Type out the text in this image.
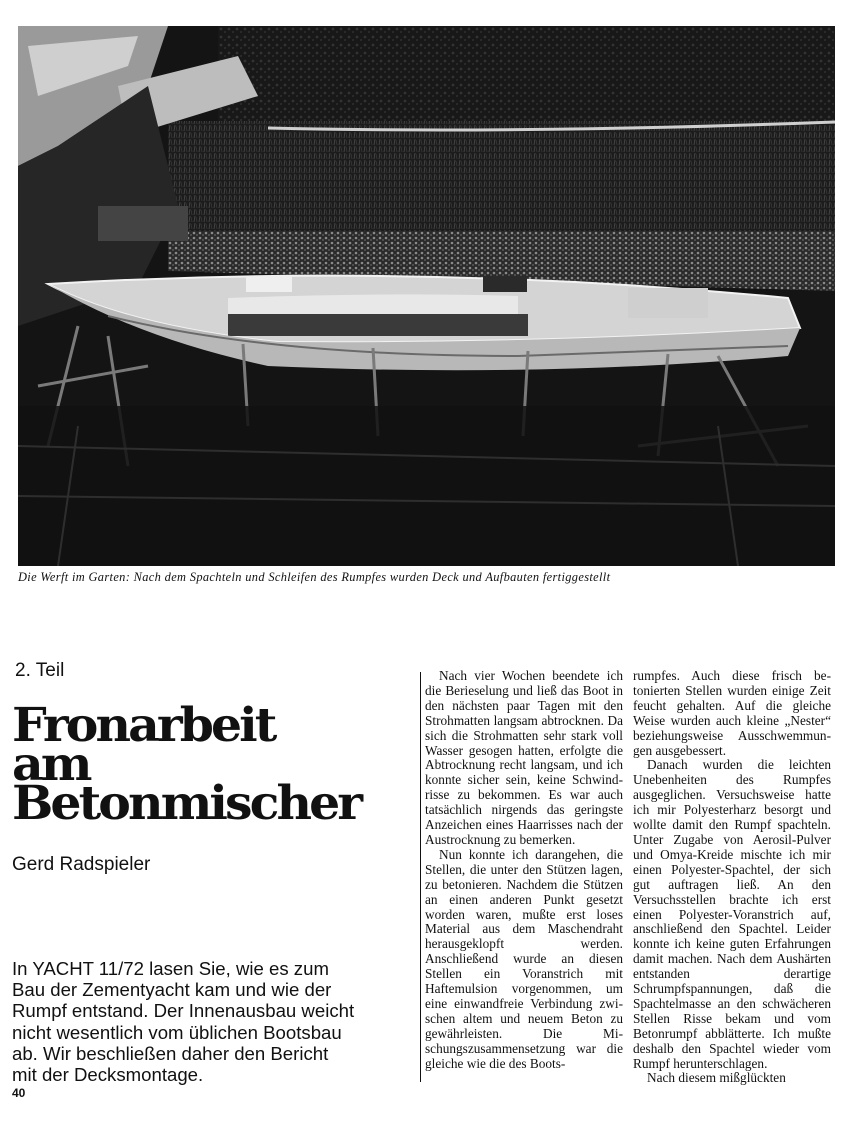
Die Werft im Garten: Nach dem Spachteln und Schleifen des Rumpfes wurden Deck und Aufbauten fertiggestellt
2. Teil
Fronarbeit
am
Betonmischer
Gerd Radspieler

In YACHT 11/72 lasen Sie, wie es zum
Bau der Zementyacht kam und wie der
Rumpf entstand. Der Innenausbau weicht
nicht wesentlich vom üblichen Bootsbau
ab. Wir beschließen daher den Bericht
mit der Decksmontage.

Nach vier Wochen beendete ich die Berieselung und ließ das Boot in den nächsten paar Tagen mit den Strohmatten langsam abtrocknen. Da sich die Strohmatten sehr stark voll Wasser gesogen hatten, erfolgte die Abtrocknung recht langsam, und ich konnte sicher sein, keine Schwindrisse zu bekommen. Es war auch tatsächlich nirgends das geringste Anzeichen eines Haarrisses nach der Austrocknung zu bemerken.

Nun konnte ich darangehen, die Stellen, die unter den Stützen lagen, zu betonieren. Nachdem die Stützen an einen anderen Punkt gesetzt worden waren, mußte erst loses Material aus dem Maschendraht herausgeklopft werden. Anschließend wurde an diesen Stellen ein Voranstrich mit Haftemulsion vorgenommen, um eine einwandfreie Verbindung zwischen altem und neuem Beton zu gewährleisten. Die Mischungszusammensetzung war die gleiche wie die des Boots-

rumpfes. Auch diese frisch betonierten Stellen wurden einige Zeit feucht gehalten. Auf die gleiche Weise wurden auch kleine „Nester“ beziehungsweise Ausschwemmungen ausgebessert.

Danach wurden die leichten Unebenheiten des Rumpfes ausgeglichen. Versuchsweise hatte ich mir Polyesterharz besorgt und wollte damit den Rumpf spachteln. Unter Zugabe von Aerosil-Pulver und Omya-Kreide mischte ich mir einen Polyester-Spachtel, der sich gut auftragen ließ. An den Versuchsstellen brachte ich erst einen Polyester-Voranstrich auf, anschließend den Spachtel. Leider konnte ich keine guten Erfahrungen damit machen. Nach dem Aushärten entstanden derartige Schrumpfspannungen, daß die Spachtelmasse an den schwächeren Stellen Risse bekam und vom Betonrumpf abblätterte. Ich mußte deshalb den Spachtel wieder vom Rumpf herunterschlagen.

Nach diesem mißglückten

40
